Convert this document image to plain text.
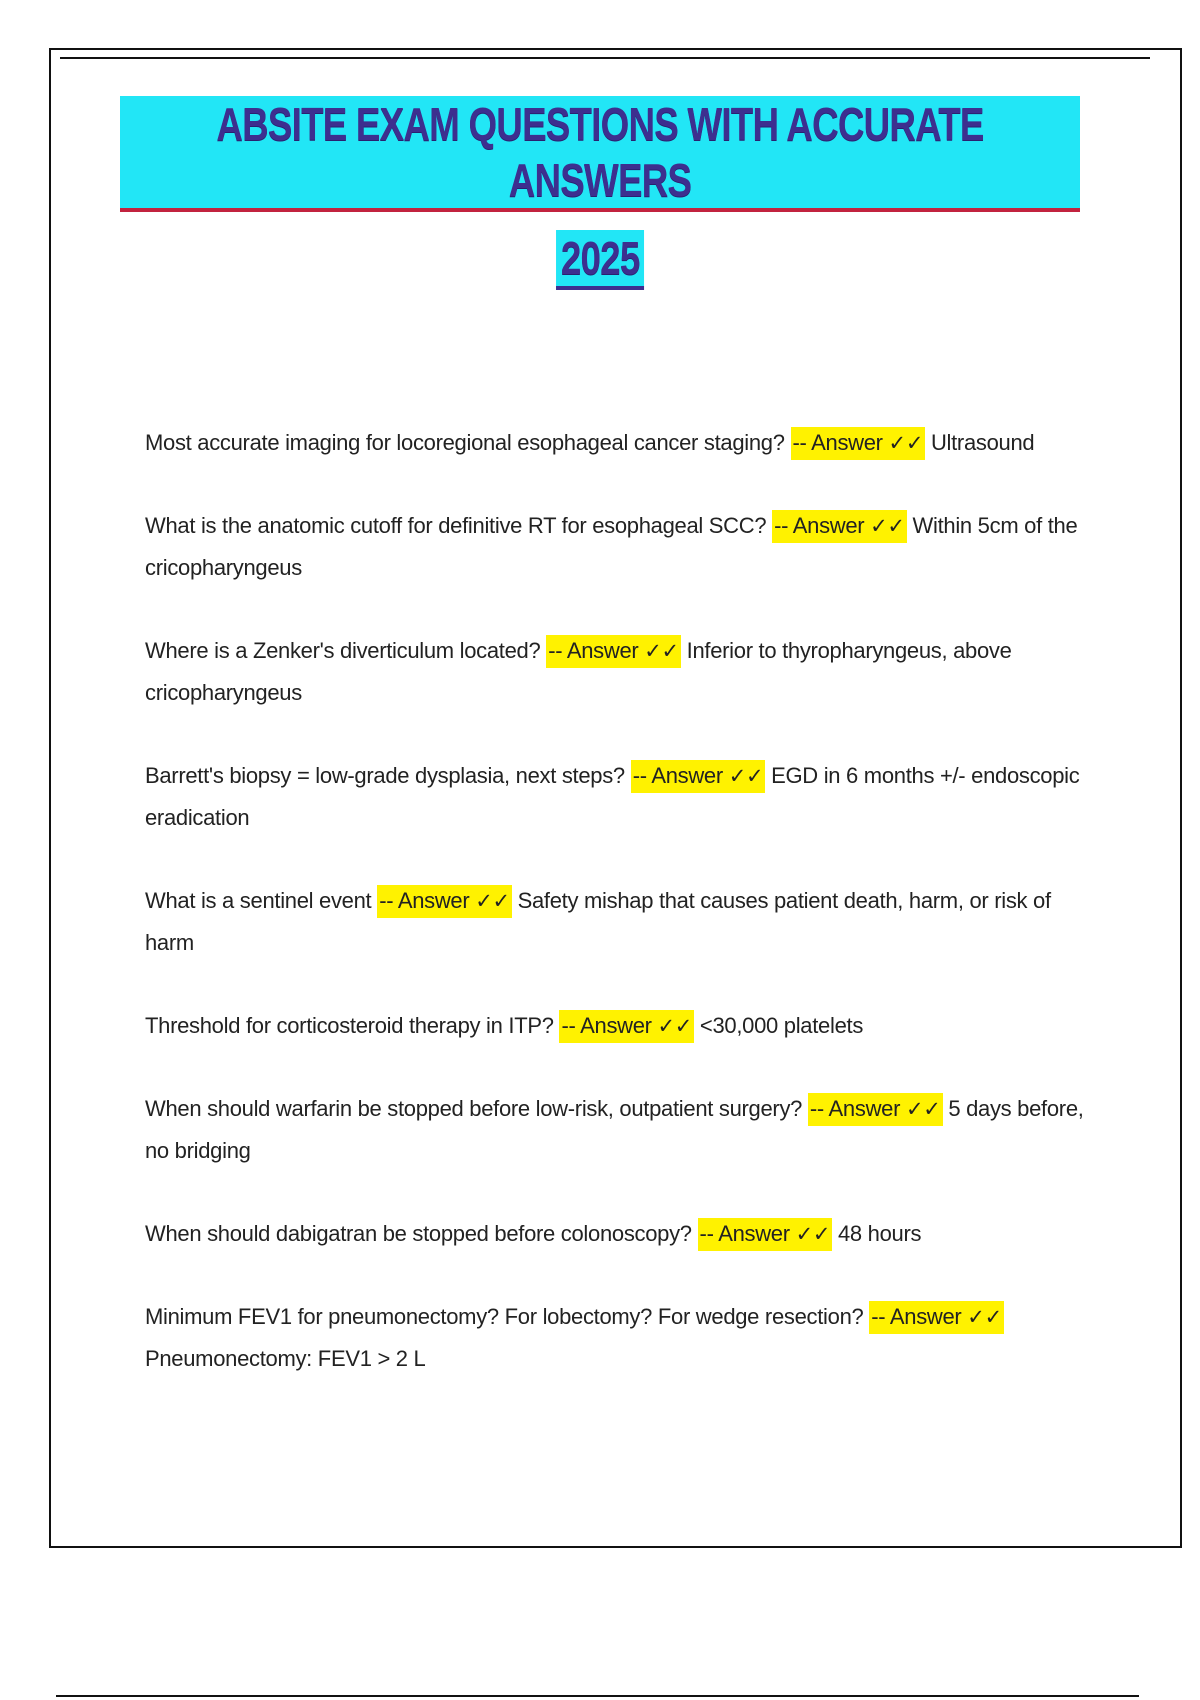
ABSITE EXAM QUESTIONS WITH ACCURATE ANSWERS
2025
Most accurate imaging for locoregional esophageal cancer staging? -- Answer ✓✓ Ultrasound
What is the anatomic cutoff for definitive RT for esophageal SCC? -- Answer ✓✓ Within 5cm of the cricopharyngeus
Where is a Zenker's diverticulum located? -- Answer ✓✓ Inferior to thyropharyngeus, above cricopharyngeus
Barrett's biopsy = low-grade dysplasia, next steps? -- Answer ✓✓ EGD in 6 months +/- endoscopic eradication
What is a sentinel event -- Answer ✓✓ Safety mishap that causes patient death, harm, or risk of harm
Threshold for corticosteroid therapy in ITP? -- Answer ✓✓ <30,000 platelets
When should warfarin be stopped before low-risk, outpatient surgery? -- Answer ✓✓ 5 days before, no bridging
When should dabigatran be stopped before colonoscopy? -- Answer ✓✓ 48 hours
Minimum FEV1 for pneumonectomy? For lobectomy? For wedge resection? -- Answer ✓✓ Pneumonectomy: FEV1 > 2 L
